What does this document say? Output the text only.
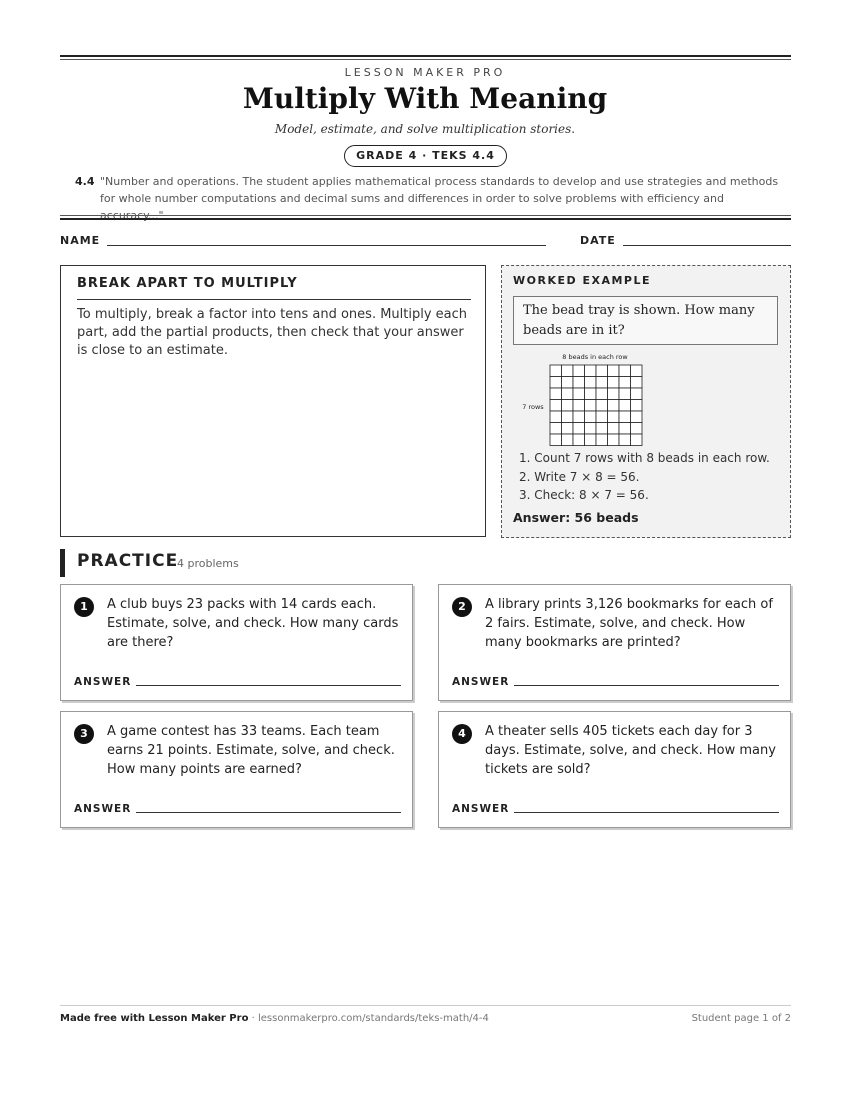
LESSON MAKER PRO
Multiply With Meaning
Model, estimate, and solve multiplication stories.
GRADE 4 · TEKS 4.4
4.4 "Number and operations. The student applies mathematical process standards to develop and use strategies and methods for whole number computations and decimal sums and differences in order to solve problems with efficiency and accuracy..."
NAME	DATE
BREAK APART TO MULTIPLY
To multiply, break a factor into tens and ones. Multiply each part, add the partial products, then check that your answer is close to an estimate.
WORKED EXAMPLE
The bead tray is shown. How many beads are in it?
8 beads in each row
7 rows
1. Count 7 rows with 8 beads in each row.
2. Write 7 × 8 = 56.
3. Check: 8 × 7 = 56.
Answer: 56 beads
PRACTICE
4 problems
1	A club buys 23 packs with 14 cards each. Estimate, solve, and check. How many cards are there?
ANSWER
2	A library prints 3,126 bookmarks for each of 2 fairs. Estimate, solve, and check. How many bookmarks are printed?
ANSWER
3	A game contest has 33 teams. Each team earns 21 points. Estimate, solve, and check. How many points are earned?
ANSWER
4	A theater sells 405 tickets each day for 3 days. Estimate, solve, and check. How many tickets are sold?
ANSWER
Made free with Lesson Maker Pro · lessonmakerpro.com/standards/teks-math/4-4	Student page 1 of 2
